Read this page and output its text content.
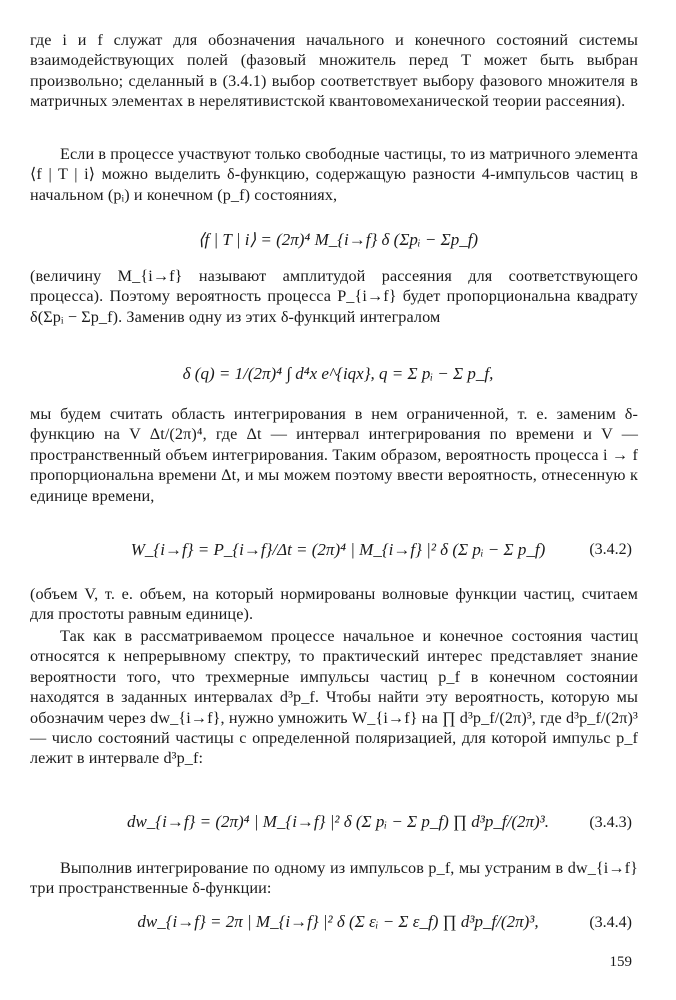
где i и f служат для обозначения начального и конечного состояний системы взаимодействующих полей (фазовый множитель перед T может быть выбран произвольно; сделанный в (3.4.1) выбор соответствует выбору фазового множителя в матричных элементах в нерелятивистской квантовомеханической теории рассеяния).
Если в процессе участвуют только свободные частицы, то из матричного элемента ⟨f | T | i⟩ можно выделить δ-функцию, содержащую разности 4-импульсов частиц в начальном (pᵢ) и конечном (p_f) состояниях,
⟨f | T | i⟩ = (2π)⁴ M_{i→f} δ (Σpᵢ − Σp_f)
(величину M_{i→f} называют амплитудой рассеяния для соответствующего процесса). Поэтому вероятность процесса P_{i→f} будет пропорциональна квадрату δ(Σpᵢ − Σp_f). Заменив одну из этих δ-функций интегралом
δ (q) = 1/(2π)⁴ ∫ d⁴x e^{iqx}, q = Σ pᵢ − Σ p_f,
мы будем считать область интегрирования в нем ограниченной, т. е. заменим δ-функцию на V Δt/(2π)⁴, где Δt — интервал интегрирования по времени и V — пространственный объем интегрирования. Таким образом, вероятность процесса i → f пропорциональна времени Δt, и мы можем поэтому ввести вероятность, отнесенную к единице времени,
W_{i→f} = P_{i→f}/Δt = (2π)⁴ | M_{i→f} |² δ (Σ pᵢ − Σ p_f)	(3.4.2)
(объем V, т. е. объем, на который нормированы волновые функции частиц, считаем для простоты равным единице).
Так как в рассматриваемом процессе начальное и конечное состояния частиц относятся к непрерывному спектру, то практический интерес представляет знание вероятности того, что трехмерные импульсы частиц p_f в конечном состоянии находятся в заданных интервалах d³p_f. Чтобы найти эту вероятность, которую мы обозначим через dw_{i→f}, нужно умножить W_{i→f} на ∏ d³p_f/(2π)³, где d³p_f/(2π)³ — число состояний частицы с определенной поляризацией, для которой импульс p_f лежит в интервале d³p_f:
dw_{i→f} = (2π)⁴ | M_{i→f} |² δ (Σ pᵢ − Σ p_f) ∏ d³p_f/(2π)³.	(3.4.3)
Выполнив интегрирование по одному из импульсов p_f, мы устраним в dw_{i→f} три пространственные δ-функции:
dw_{i→f} = 2π | M_{i→f} |² δ (Σ εᵢ − Σ ε_f) ∏ d³p_f/(2π)³,	(3.4.4)
159
